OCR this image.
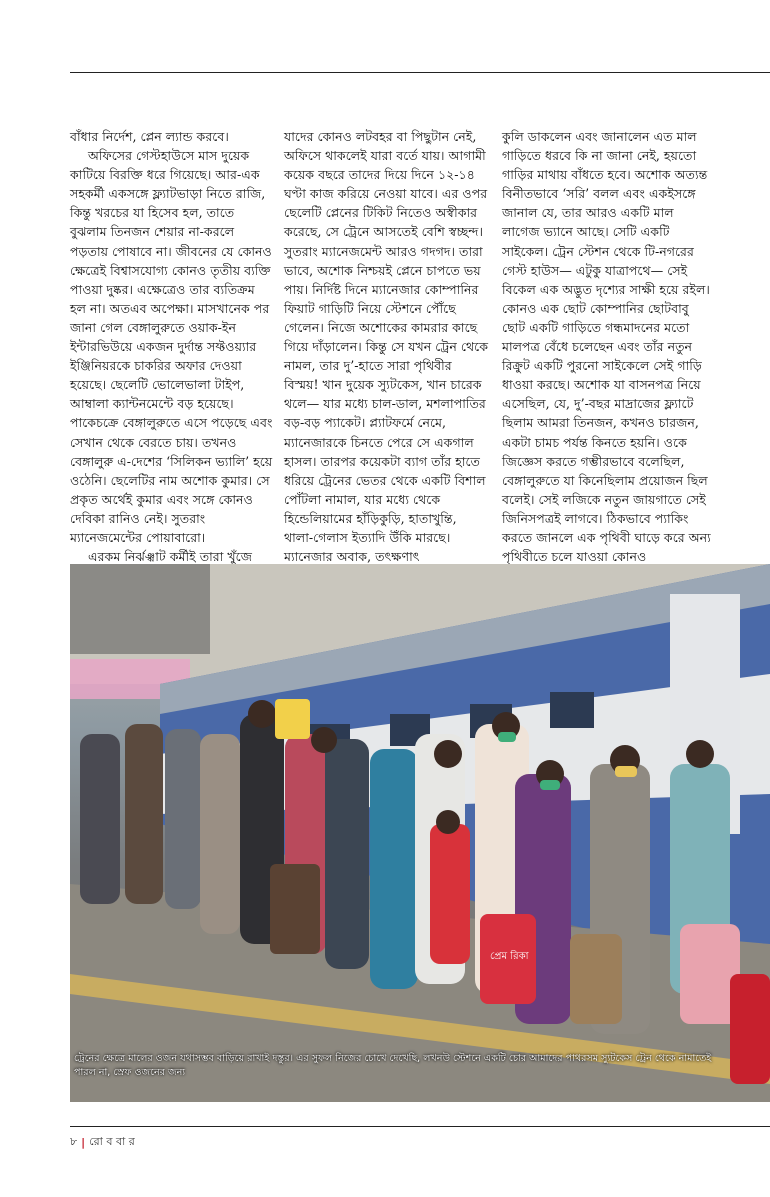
বাঁধার নির্দেশ, প্লেন ল্যান্ড করবে।

অফিসের গেস্টহাউসে মাস দুয়েক কাটিয়ে বিরক্তি ধরে গিয়েছে। আর-এক সহকর্মী একসঙ্গে ফ্ল্যাটভাড়া নিতে রাজি, কিন্তু খরচের যা হিসেব হল, তাতে বুঝলাম তিনজন শেয়ার না-করলে পড়তায় পোষাবে না। জীবনের যে কোনও ক্ষেত্রেই বিশ্বাসযোগ্য কোনও তৃতীয় ব্যক্তি পাওয়া দুষ্কর। এক্ষেত্রেও তার ব্যতিক্রম হল না। অতএব অপেক্ষা। মাসখানেক পর জানা গেল বেঙ্গালুরুতে ওয়াক-ইন ইন্টারভিউয়ে একজন দুর্দান্ত সফ্টওয়্যার ইঞ্জিনিয়রকে চাকরির অফার দেওয়া হয়েছে। ছেলেটি ভোলেভালা টাইপ, আম্বালা ক্যান্টনমেন্টে বড় হয়েছে। পাকেচক্রে বেঙ্গালুরুতে এসে পড়েছে এবং সেখান থেকে বেরতে চায়। তখনও বেঙ্গালুরু এ-দেশের ‘সিলিকন ভ্যালি’ হয়ে ওঠেনি। ছেলেটির নাম অশোক কুমার। সে প্রকৃত অর্থেই কুমার এবং সঙ্গে কোনও দেবিকা রানিও নেই। সুতরাং ম্যানেজমেন্টের পোয়াবারো।

এরকম নির্ঝঞ্ঝাট কর্মীই তারা খুঁজে

যাদের কোনও লটবহর বা পিছুটান নেই, অফিসে থাকলেই যারা বর্তে যায়। আগামী কয়েক বছরে তাদের দিয়ে দিনে ১২-১৪ ঘণ্টা কাজ করিয়ে নেওয়া যাবে। এর ওপর ছেলেটি প্লেনের টিকিট নিতেও অস্বীকার করেছে, সে ট্রেনে আসতেই বেশি স্বচ্ছন্দ। সুতরাং ম্যানেজমেন্ট আরও গদগদ। তারা ভাবে, অশোক নিশ্চয়ই প্লেনে চাপতে ভয় পায়। নির্দিষ্ট দিনে ম্যানেজার কোম্পানির ফিয়াট গাড়িটি নিয়ে স্টেশনে পৌঁছে গেলেন। নিজে অশোকের কামরার কাছে গিয়ে দাঁড়ালেন। কিন্তু সে যখন ট্রেন থেকে নামল, তার দু’-হাতে সারা পৃথিবীর বিস্ময়! খান দুয়েক স্যুটকেস, খান চারেক থলে— যার মধ্যে চাল-ডাল, মশলাপাতির বড়-বড় প্যাকেট। প্ল্যাটফর্মে নেমে, ম্যানেজারকে চিনতে পেরে সে একগাল হাসল। তারপর কয়েকটা ব্যাগ তাঁর হাতে ধরিয়ে ট্রেনের ভেতর থেকে একটি বিশাল পোঁটলা নামাল, যার মধ্যে থেকে হিন্ডেলিয়ামের হাঁড়িকুড়ি, হাতাখুন্তি, থালা-গেলাস ইত্যাদি উঁকি মারছে। ম্যানেজার অবাক, তৎক্ষণাৎ

কুলি ডাকলেন এবং জানালেন এত মাল গাড়িতে ধরবে কি না জানা নেই, হয়তো গাড়ির মাথায় বাঁধতে হবে। অশোক অত্যন্ত বিনীতভাবে ‘সরি’ বলল এবং একইসঙ্গে জানাল যে, তার আরও একটি মাল লাগেজ ভ্যানে আছে। সেটি একটি সাইকেল। ট্রেন স্টেশন থেকে টি-নগরের গেস্ট হাউস— এটুকু যাত্রাপথে— সেই বিকেল এক অদ্ভুত দৃশ্যের সাক্ষী হয়ে রইল। কোনও এক ছোট কোম্পানির ছোটবাবু ছোট একটি গাড়িতে গন্ধমাদনের মতো মালপত্র বেঁধে চলেছেন এবং তাঁর নতুন রিক্রুট একটি পুরনো সাইকেলে সেই গাড়ি ধাওয়া করছে। অশোক যা বাসনপত্র নিয়ে এসেছিল, যে, দু’-বছর মাদ্রাজের ফ্ল্যাটে ছিলাম আমরা তিনজন, কখনও চারজন, একটা চামচ পর্যন্ত কিনতে হয়নি। ওকে জিজ্ঞেস করতে গম্ভীরভাবে বলেছিল, বেঙ্গালুরুতে যা কিনেছিলাম প্রয়োজন ছিল বলেই। সেই লজিকে নতুন জায়গাতে সেই জিনিসপত্রই লাগবে। ঠিকভাবে প্যাকিং করতে জানলে এক পৃথিবী ঘাড়ে করে অন্য পৃথিবীতে চলে যাওয়া কোনও

প্রেম রিকা
ট্রেনের ক্ষেত্রে মালের ওজন যথাসম্ভব বাড়িয়ে রাখাই দস্তুর। এর সুফল নিজের চোখে দেখেছি, লখনউ স্টেশনে একটি চোর আমাদের পাথরসম স্যুটকেস ট্রেন থেকে নামাতেই পারল না, স্রেফ ওজনের জন্য
৮ | রো ব বা র
